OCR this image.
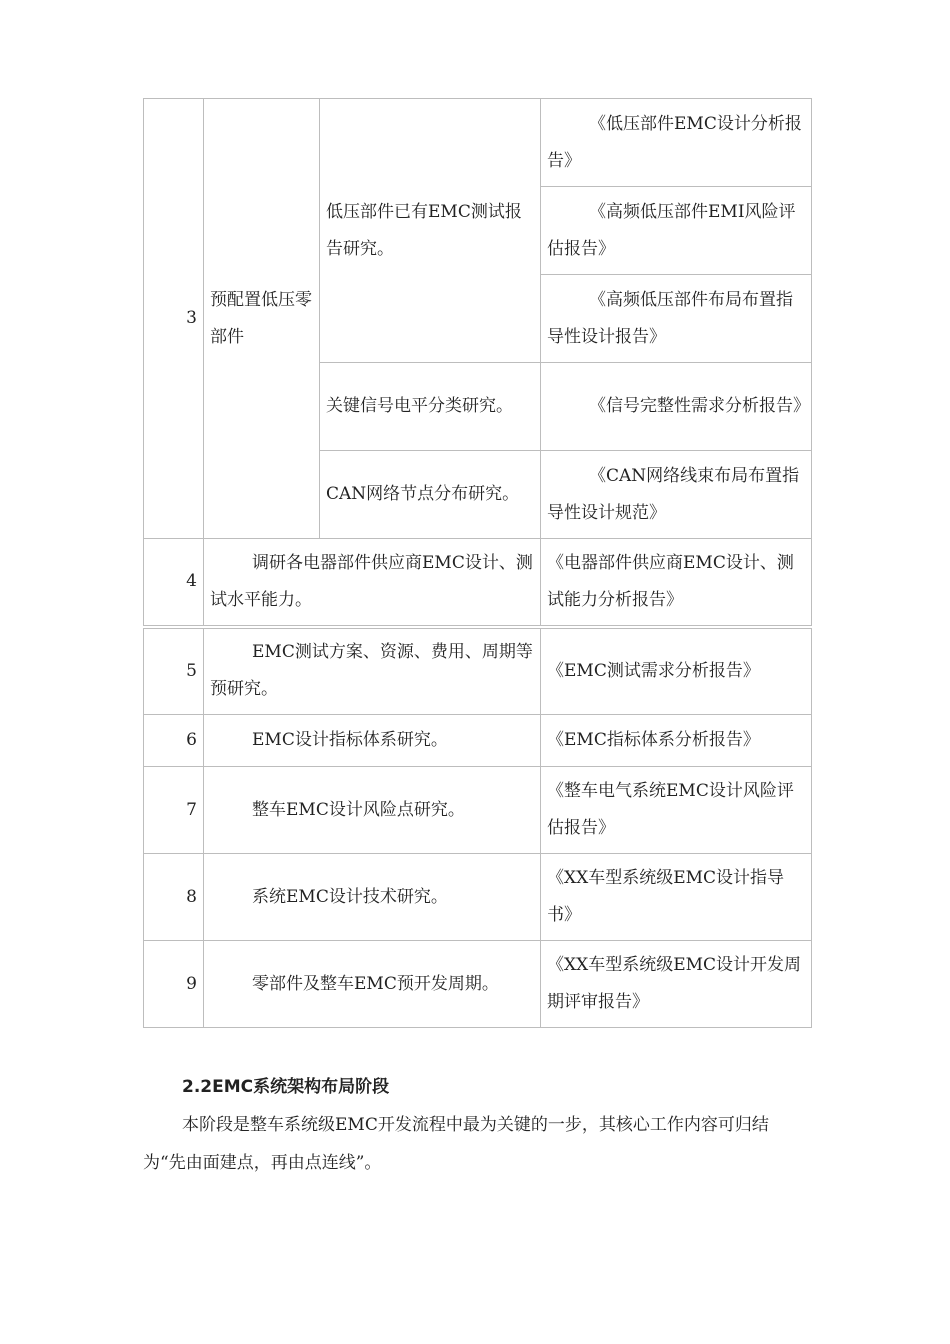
3	预配置低压零部件	低压部件已有EMC测试报告研究。	《低压部件EMC设计分析报告》
			《高频低压部件EMI风险评估报告》
			《高频低压部件布局布置指导性设计报告》
		关键信号电平分类研究。	《信号完整性需求分析报告》
		CAN网络节点分布研究。	《CAN网络线束布局布置指导性设计规范》
4	调研各电器部件供应商EMC设计、测试水平能力。		《电器部件供应商EMC设计、测试能力分析报告》
5	EMC测试方案、资源、费用、周期等预研究。		《EMC测试需求分析报告》
6	EMC设计指标体系研究。		《EMC指标体系分析报告》
7	整车EMC设计风险点研究。		《整车电气系统EMC设计风险评估报告》
8	系统EMC设计技术研究。		《XX车型系统级EMC设计指导书》
9	零部件及整车EMC预开发周期。		《XX车型系统级EMC设计开发周期评审报告》
2.2EMC系统架构布局阶段
本阶段是整车系统级EMC开发流程中最为关键的一步，其核心工作内容可归结为“先由面建点，再由点连线”。
